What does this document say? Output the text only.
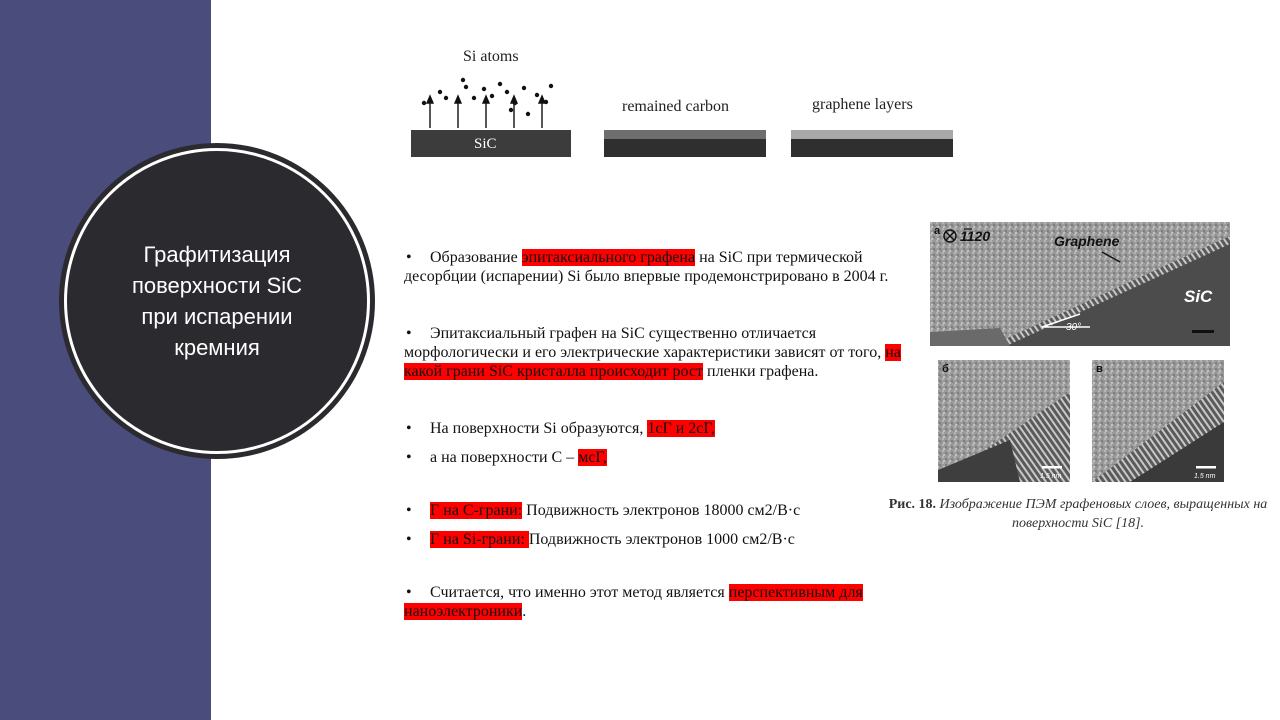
Графитизация поверхности SiC при испарении кремния
Si atoms
SiC
remained carbon	graphene layers

• Образование эпитаксиального графена на SiC при термической десорбции (испарении) Si было впервые продемонстрировано в 2004 г.

• Эпитаксиальный графен на SiC существенно отличается морфологически и его электрические характеристики зависят от того, на какой грани SiC кристалла происходит рост пленки графена.

• На поверхности Si образуются, 1сГ и 2сГ,

• а на поверхности С – мсГ,

• Г на С-грани: Подвижность электронов 18000 см2/В·с

• Г на Si-грани: Подвижность электронов 1000 см2/В·с

• Считается, что именно этот метод является перспективным для наноэлектроники.

a 1120	Graphene
SiC
30°
б
1.5 nm
в
1.5 nm
Рис. 18. Изображение ПЭМ графеновых слоев, выращенных на поверхности SiC [18].
